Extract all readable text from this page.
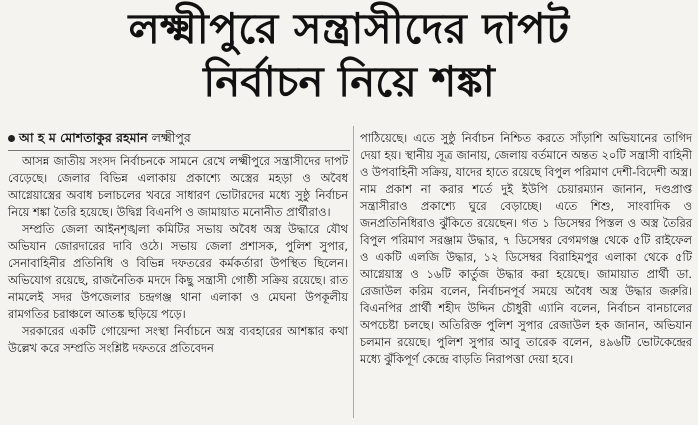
লক্ষ্মীপুরে সন্ত্রাসীদের দাপট
নির্বাচন নিয়ে শঙ্কা
আ হ ম মোশতাকুর রহমান লক্ষ্মীপুর

আসন্ন জাতীয় সংসদ নির্বাচনকে সামনে রেখে লক্ষ্মীপুরে সন্ত্রাসীদের দাপট বেড়েছে। জেলার বিভিন্ন এলাকায় প্রকাশ্যে অস্ত্রের মহড়া ও অবৈধ আগ্নেয়াস্ত্রের অবাধ চলাচলের খবরে সাধারণ ভোটারদের মধ্যে সুষ্ঠু নির্বাচন নিয়ে শঙ্কা তৈরি হয়েছে। উদ্বিগ্ন বিএনপি ও জামায়াত মনোনীত প্রার্থীরাও।

সম্প্রতি জেলা আইনশৃঙ্খলা কমিটির সভায় অবৈধ অস্ত্র উদ্ধারে যৌথ অভিযান জোরদারের দাবি ওঠে। সভায় জেলা প্রশাসক, পুলিশ সুপার, সেনাবাহিনীর প্রতিনিধি ও বিভিন্ন দফতরের কর্মকর্তারা উপস্থিত ছিলেন। অভিযোগ রয়েছে, রাজনৈতিক মদদে কিছু সন্ত্রাসী গোষ্ঠী সক্রিয় রয়েছে। রাত নামলেই সদর উপজেলার চন্দ্রগঞ্জ থানা এলাকা ও মেঘনা উপকূলীয় রামগতির চরাঞ্চলে আতঙ্ক ছড়িয়ে পড়ে।

সরকারের একটি গোয়েন্দা সংস্থা নির্বাচনে অস্ত্র ব্যবহারের আশঙ্কার কথা উল্লেখ করে সম্প্রতি সংশ্লিষ্ট দফতরে প্রতিবেদন

পাঠিয়েছে। এতে সুষ্ঠু নির্বাচন নিশ্চিত করতে সাঁড়াশি অভিযানের তাগিদ দেয়া হয়। স্থানীয় সূত্র জানায়, জেলায় বর্তমানে অন্তত ২০টি সন্ত্রাসী বাহিনী ও উপবাহিনী সক্রিয়, যাদের হাতে রয়েছে বিপুল পরিমাণ দেশী-বিদেশী অস্ত্র। নাম প্রকাশ না করার শর্তে দুই ইউপি চেয়ারম্যান জানান, দণ্ডপ্রাপ্ত সন্ত্রাসীরাও প্রকাশ্যে ঘুরে বেড়াচ্ছে। এতে শিশু, সাংবাদিক ও জনপ্রতিনিধিরাও ঝুঁকিতে রয়েছেন। গত ১ ডিসেম্বর পিস্তল ও অস্ত্র তৈরির বিপুল পরিমাণ সরঞ্জাম উদ্ধার, ৭ ডিসেম্বর বেগমগঞ্জ থেকে ৫টি রাইফেল ও একটি এলজি উদ্ধার, ১২ ডিসেম্বর বিরাহিমপুর এলাকা থেকে ৫টি আগ্নেয়াস্ত্র ও ১৬টি কার্তুজ উদ্ধার করা হয়েছে। জামায়াত প্রার্থী ডা. রেজাউল করিম বলেন, নির্বাচনপূর্ব সময়ে অবৈধ অস্ত্র উদ্ধার জরুরি। বিএনপির প্রার্থী শহীদ উদ্দিন চৌধুরী এ্যানি বলেন, নির্বাচন বানচালের অপচেষ্টা চলছে। অতিরিক্ত পুলিশ সুপার রেজাউল হক জানান, অভিযান চলমান রয়েছে। পুলিশ সুপার আবু তারেক বলেন, ৪৯৬টি ভোটকেন্দ্রের মধ্যে ঝুঁকিপূর্ণ কেন্দ্রে বাড়তি নিরাপত্তা দেয়া হবে।
